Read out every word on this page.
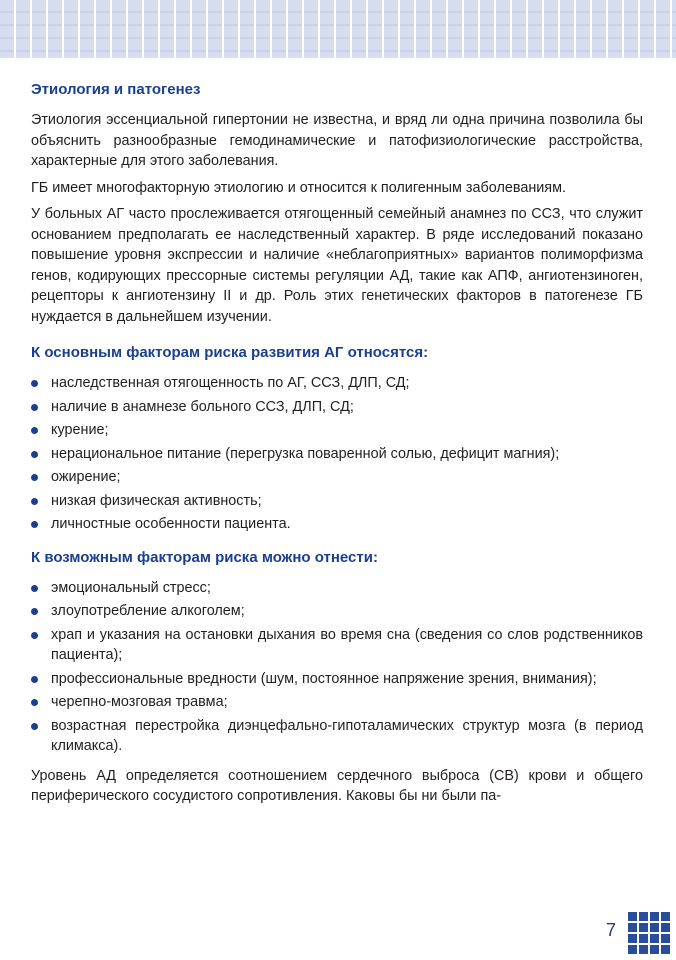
Этиология и патогенез

Этиология эссенциальной гипертонии не известна, и вряд ли одна причина позволила бы объяснить разнообразные гемодинамические и патофизиологические расстройства, характерные для этого заболевания.

ГБ имеет многофакторную этиологию и относится к полигенным заболеваниям.

У больных АГ часто прослеживается отягощенный семейный анамнез по ССЗ, что служит основанием предполагать ее наследственный характер. В ряде исследований показано повышение уровня экспрессии и наличие «неблагоприятных» вариантов полиморфизма генов, кодирующих прессорные системы регуляции АД, такие как АПФ, ангиотензиноген, рецепторы к ангиотензину II и др. Роль этих генетических факторов в патогенезе ГБ нуждается в дальнейшем изучении.

К основным факторам риска развития АГ относятся:
наследственная отягощенность по АГ, ССЗ, ДЛП, СД;
наличие в анамнезе больного ССЗ, ДЛП, СД;
курение;
нерациональное питание (перегрузка поваренной солью, дефицит магния);
ожирение;
низкая физическая активность;
личностные особенности пациента.
К возможным факторам риска можно отнести:
эмоциональный стресс;
злоупотребление алкоголем;
храп и указания на остановки дыхания во время сна (сведения со слов родственников пациента);
профессиональные вредности (шум, постоянное напряжение зрения, внимания);
черепно-мозговая травма;
возрастная перестройка диэнцефально-гипоталамических структур мозга (в период климакса).

Уровень АД определяется соотношением сердечного выброса (СВ) крови и общего периферического сосудистого сопротивления. Каковы бы ни были па-

7
